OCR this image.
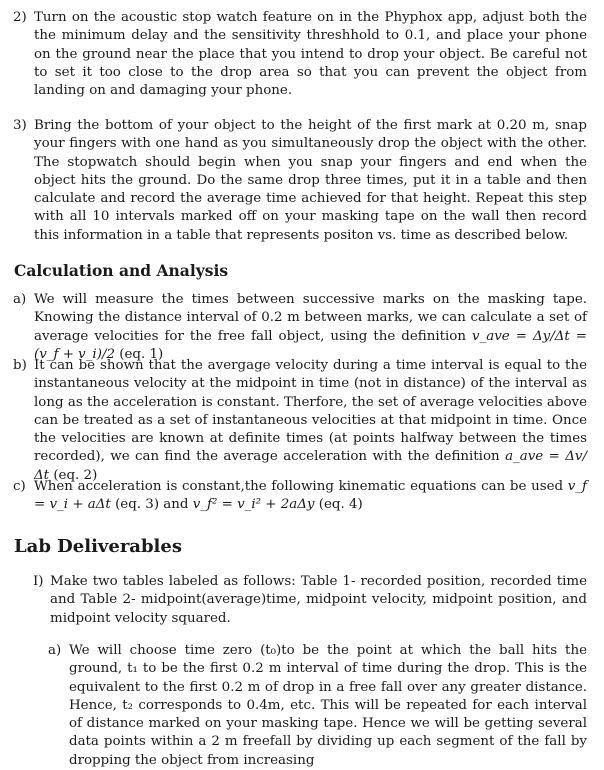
2) Turn on the acoustic stop watch feature on in the Phyphox app, adjust both the the minimum delay and the sensitivity threshhold to 0.1, and place your phone on the ground near the place that you intend to drop your object. Be careful not to set it too close to the drop area so that you can prevent the object from landing on and damaging your phone.
3) Bring the bottom of your object to the height of the first mark at 0.20 m, snap your fingers with one hand as you simultaneously drop the object with the other. The stopwatch should begin when you snap your fingers and end when the object hits the ground. Do the same drop three times, put it in a table and then calculate and record the average time achieved for that height. Repeat this step with all 10 intervals marked off on your masking tape on the wall then record this information in a table that represents positon vs. time as described below.
Calculation and Analysis
a) We will measure the times between successive marks on the masking tape. Knowing the distance interval of 0.2 m between marks, we can calculate a set of average velocities for the free fall object, using the definition v_ave = Δy/Δt = (v_f + v_i)/2 (eq. 1)
b) It can be shown that the avergage velocity during a time interval is equal to the instantaneous velocity at the midpoint in time (not in distance) of the interval as long as the acceleration is constant. Therfore, the set of average velocities above can be treated as a set of instantaneous velocities at that midpoint in time. Once the velocities are known at definite times (at points halfway between the times recorded), we can find the average acceleration with the definition a_ave = Δv/Δt (eq. 2)
c) When acceleration is constant,the following kinematic equations can be used v_f = v_i + aΔt (eq. 3) and v_f² = v_i² + 2aΔy (eq. 4)
Lab Deliverables
I) Make two tables labeled as follows: Table 1- recorded position, recorded time and Table 2- midpoint(average)time, midpoint velocity, midpoint position, and midpoint velocity squared.
a) We will choose time zero (t₀)to be the point at which the ball hits the ground, t₁ to be the first 0.2 m interval of time during the drop. This is the equivalent to the first 0.2 m of drop in a free fall over any greater distance. Hence, t₂ corresponds to 0.4m, etc. This will be repeated for each interval of distance marked on your masking tape. Hence we will be getting several data points within a 2 m freefall by dividing up each segment of the fall by dropping the object from increasing
